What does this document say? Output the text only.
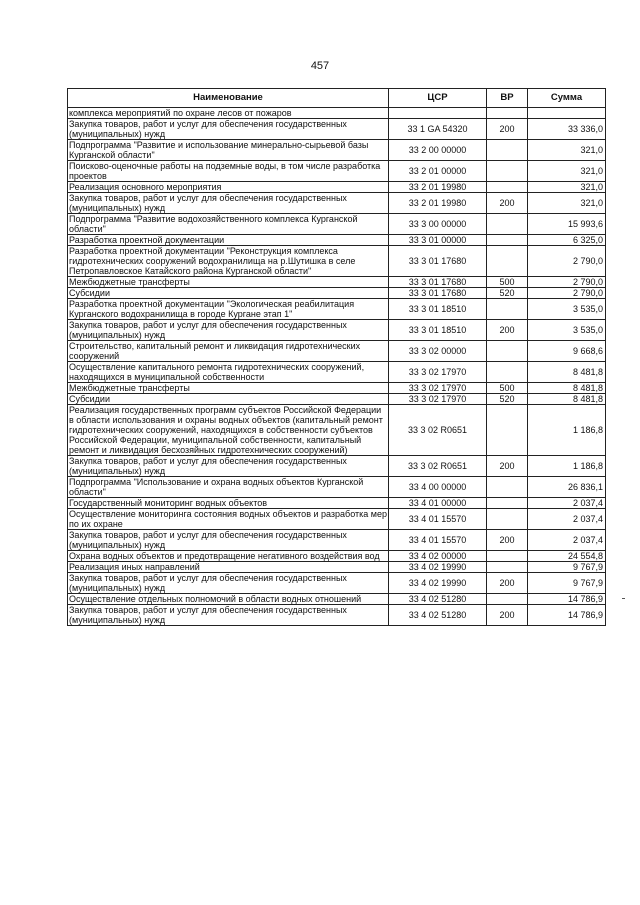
457
Наименование	ЦСР	ВР	Сумма
комплекса мероприятий по охране лесов от пожаров			
Закупка товаров, работ и услуг для обеспечения государственных (муниципальных) нужд	33 1 GA 54320	200	33 336,0
Подпрограмма "Развитие и использование минерально-сырьевой базы Курганской области"	33 2 00 00000		321,0
Поисково-оценочные работы на подземные воды, в том числе разработка проектов	33 2 01 00000		321,0
Реализация основного мероприятия	33 2 01 19980		321,0
Закупка товаров, работ и услуг для обеспечения государственных (муниципальных) нужд	33 2 01 19980	200	321,0
Подпрограмма "Развитие водохозяйственного комплекса Курганской области"	33 3 00 00000		15 993,6
Разработка проектной документации	33 3 01 00000		6 325,0
Разработка проектной документации "Реконструкция комплекса гидротехнических сооружений водохранилища на р.Шутишка в селе Петропавловское Катайского района Курганской области"	33 3 01 17680		2 790,0
Межбюджетные трансферты	33 3 01 17680	500	2 790,0
Субсидии	33 3 01 17680	520	2 790,0
Разработка проектной документации "Экологическая реабилитация Курганского водохранилища в городе Кургане этап 1"	33 3 01 18510		3 535,0
Закупка товаров, работ и услуг для обеспечения государственных (муниципальных) нужд	33 3 01 18510	200	3 535,0
Строительство, капитальный ремонт и ликвидация гидротехнических сооружений	33 3 02 00000		9 668,6
Осуществление капитального ремонта гидротехнических сооружений, находящихся в муниципальной собственности	33 3 02 17970		8 481,8
Межбюджетные трансферты	33 3 02 17970	500	8 481,8
Субсидии	33 3 02 17970	520	8 481,8
Реализация государственных программ субъектов Российской Федерации в области использования и охраны водных объектов (капитальный ремонт гидротехнических сооружений, находящихся в собственности субъектов Российской Федерации, муниципальной собственности, капитальный ремонт и ликвидация бесхозяйных гидротехнических сооружений)	33 3 02 R0651		1 186,8
Закупка товаров, работ и услуг для обеспечения государственных (муниципальных) нужд	33 3 02 R0651	200	1 186,8
Подпрограмма "Использование и охрана водных объектов Курганской области"	33 4 00 00000		26 836,1
Государственный мониторинг водных объектов	33 4 01 00000		2 037,4
Осуществление мониторинга состояния водных объектов и разработка мер по их охране	33 4 01 15570		2 037,4
Закупка товаров, работ и услуг для обеспечения государственных (муниципальных) нужд	33 4 01 15570	200	2 037,4
Охрана водных объектов и предотвращение негативного воздействия вод	33 4 02 00000		24 554,8
Реализация иных направлений	33 4 02 19990		9 767,9
Закупка товаров, работ и услуг для обеспечения государственных (муниципальных) нужд	33 4 02 19990	200	9 767,9
Осуществление отдельных полномочий в области водных отношений	33 4 02 51280		14 786,9
Закупка товаров, работ и услуг для обеспечения государственных (муниципальных) нужд	33 4 02 51280	200	14 786,9
